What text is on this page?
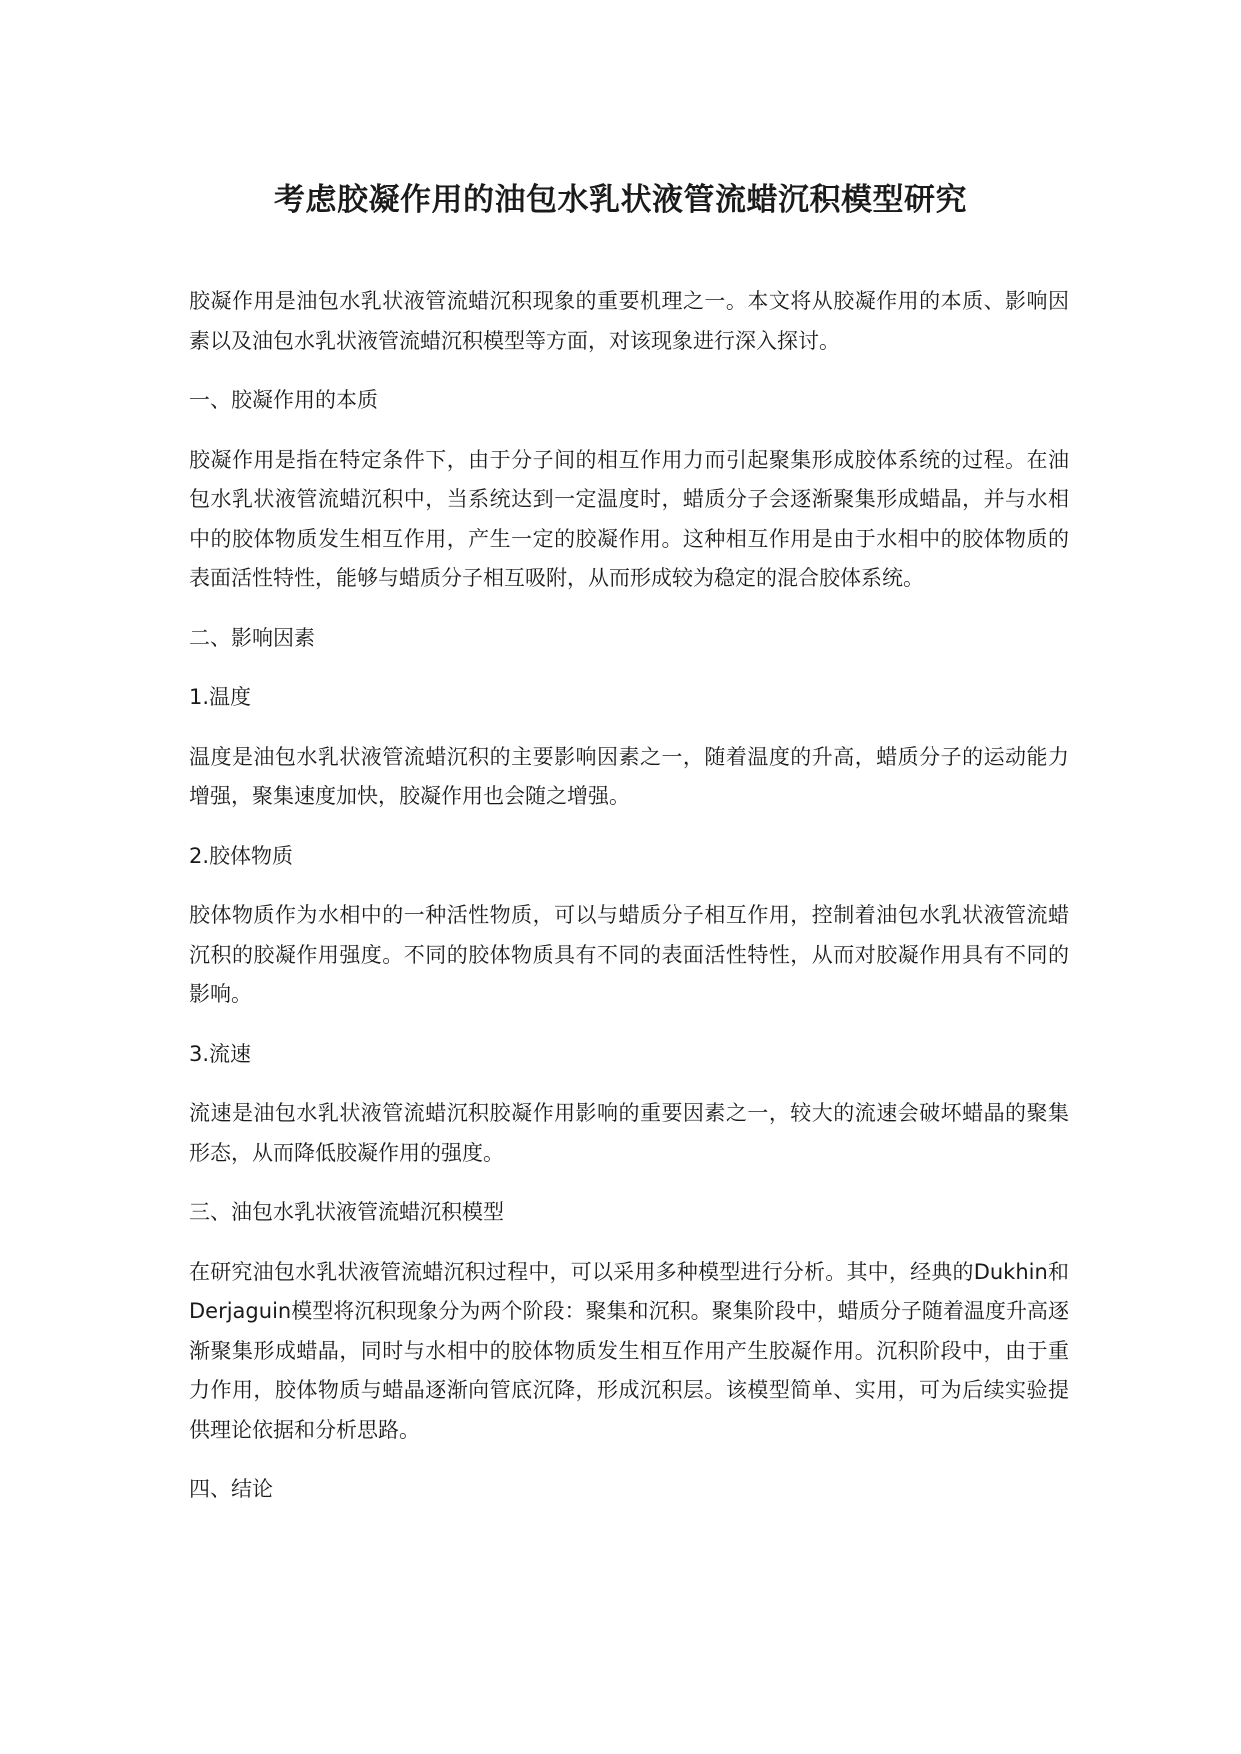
考虑胶凝作用的油包水乳状液管流蜡沉积模型研究

胶凝作用是油包水乳状液管流蜡沉积现象的重要机理之一。本文将从胶凝作用的本质、影响因素以及油包水乳状液管流蜡沉积模型等方面，对该现象进行深入探讨。

一、胶凝作用的本质

胶凝作用是指在特定条件下，由于分子间的相互作用力而引起聚集形成胶体系统的过程。在油包水乳状液管流蜡沉积中，当系统达到一定温度时，蜡质分子会逐渐聚集形成蜡晶，并与水相中的胶体物质发生相互作用，产生一定的胶凝作用。这种相互作用是由于水相中的胶体物质的表面活性特性，能够与蜡质分子相互吸附，从而形成较为稳定的混合胶体系统。

二、影响因素

1.温度

温度是油包水乳状液管流蜡沉积的主要影响因素之一，随着温度的升高，蜡质分子的运动能力增强，聚集速度加快，胶凝作用也会随之增强。

2.胶体物质

胶体物质作为水相中的一种活性物质，可以与蜡质分子相互作用，控制着油包水乳状液管流蜡沉积的胶凝作用强度。不同的胶体物质具有不同的表面活性特性，从而对胶凝作用具有不同的影响。

3.流速

流速是油包水乳状液管流蜡沉积胶凝作用影响的重要因素之一，较大的流速会破坏蜡晶的聚集形态，从而降低胶凝作用的强度。

三、油包水乳状液管流蜡沉积模型

在研究油包水乳状液管流蜡沉积过程中，可以采用多种模型进行分析。其中，经典的Dukhin和Derjaguin模型将沉积现象分为两个阶段：聚集和沉积。聚集阶段中，蜡质分子随着温度升高逐渐聚集形成蜡晶，同时与水相中的胶体物质发生相互作用产生胶凝作用。沉积阶段中，由于重力作用，胶体物质与蜡晶逐渐向管底沉降，形成沉积层。该模型简单、实用，可为后续实验提供理论依据和分析思路。

四、结论
